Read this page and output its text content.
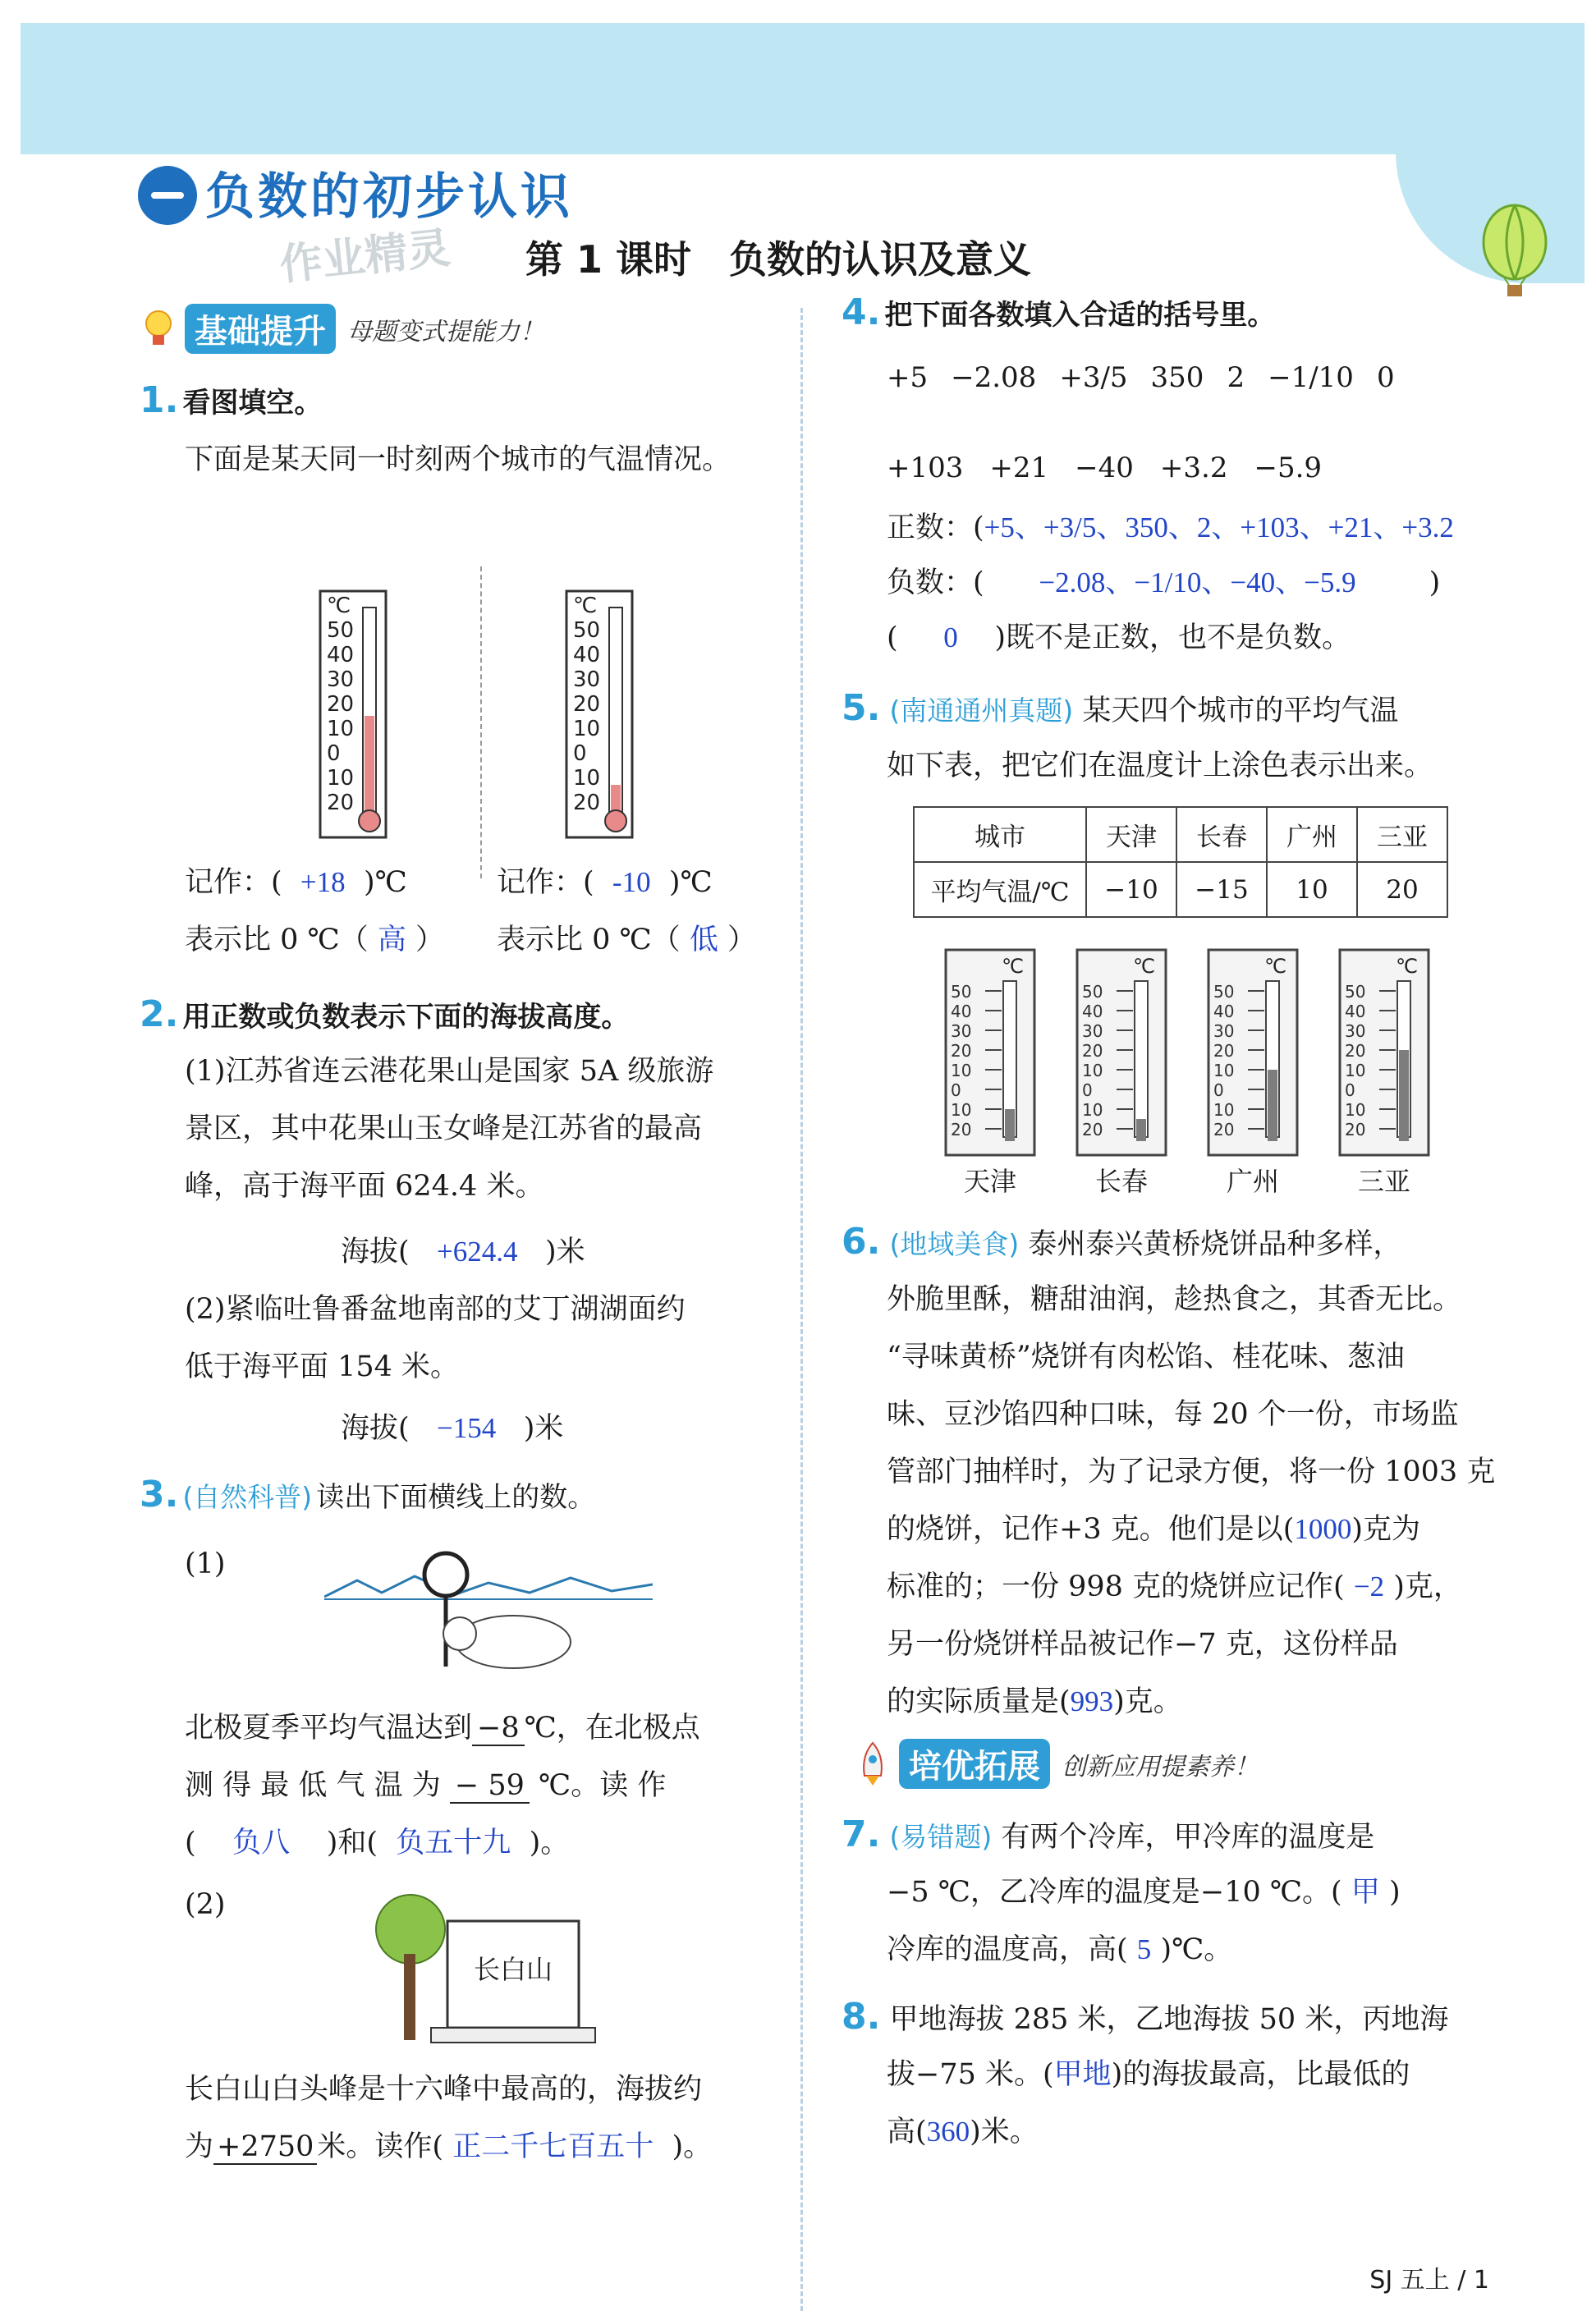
负数的初步认识
作业精灵 第 1 课时　负数的认识及意义
基础提升 母题变式提能力！
1. 看图填空。
下面是某天同一时刻两个城市的气温情况。
℃
50
40
30
20
10
0
10
20
℃
50
40
30
20
10
0
10
20
记作：( +18 )℃
表示比 0 ℃（ 高 ）
记作：( -10 )℃
表示比 0 ℃（ 低 ）
2. 用正数或负数表示下面的海拔高度。
(1)江苏省连云港花果山是国家 5A 级旅游
景区，其中花果山玉女峰是江苏省的最高
峰，高于海平面 624.4 米。
海拔( +624.4 )米
(2)紧临吐鲁番盆地南部的艾丁湖湖面约
低于海平面 154 米。
海拔( −154 )米
3. (自然科普) 读出下面横线上的数。
(1)
北极夏季平均气温达到 −8 ℃，在北极点
测 得 最 低 气 温 为 − 59 ℃。读 作
( 负八 )和( 负五十九 )。
(2)
长白山
长白山白头峰是十六峰中最高的，海拔约
为 +2750 米。读作( 正二千七百五十 )。
4. 把下面各数填入合适的括号里。
+5 −2.08 +3/5 350 2 −1/10 0
+103 +21 −40 +3.2 −5.9
正数：(+5、+3/5、350、2、+103、+21、+3.2
负数：( −2.08、−1/10、−40、−5.9	)
( 0 )既不是正数，也不是负数。
5. (南通通州真题) 某天四个城市的平均气温
如下表，把它们在温度计上涂色表示出来。
城市	天津	长春	广州	三亚
平均气温/℃	−10	−15	10	20
℃
50
40
30
20
10
0
10
20
天津
℃
50
40
30
20
10
0
10
20
长春
℃
50
40
30
20
10
0
10
20
广州
℃
50
40
30
20
10
0
10
20
三亚
6. (地域美食) 泰州泰兴黄桥烧饼品种多样，
外脆里酥，糖甜油润，趁热食之，其香无比。
“寻味黄桥”烧饼有肉松馅、桂花味、葱油
味、豆沙馅四种口味，每 20 个一份，市场监
管部门抽样时，为了记录方便，将一份 1003 克
的烧饼，记作+3 克。他们是以(1000)克为
标准的；一份 998 克的烧饼应记作( −2 )克，
另一份烧饼样品被记作−7 克，这份样品
的实际质量是(993)克。
培优拓展 创新应用提素养！
7. (易错题) 有两个冷库，甲冷库的温度是
−5 ℃，乙冷库的温度是−10 ℃。( 甲 )
冷库的温度高，高( 5 )℃。
8. 甲地海拔 285 米，乙地海拔 50 米，丙地海
拔−75 米。(甲地)的海拔最高，比最低的
高(360)米。
SJ 五上 / 1
